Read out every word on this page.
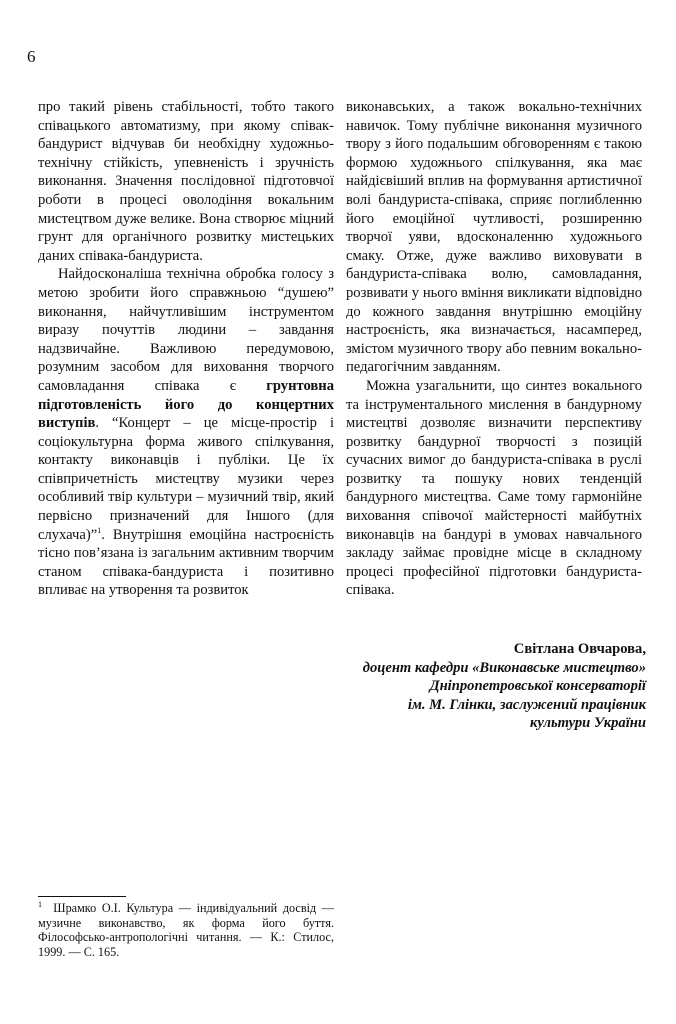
6

про такий рівень стабільності, тобто такого співацького автоматизму, при якому співак-бандурист відчував би необхідну художньо-технічну стійкість, упевненість і зручність виконання. Значення послідовної підготовчої роботи в процесі оволодіння вокальним мистецтвом дуже велике. Вона створює міцний грунт для органічного розвитку мистецьких даних співака-бандуриста.

Найдосконаліша технічна обробка голосу з метою зробити його справжньою “душею” виконання, найчутливішим інструментом виразу почуттів людини – завдання надзвичайне. Важливою передумовою, розумним засобом для виховання творчого самовладання співака є грунтовна підготовленість його до концертних виступів. “Концерт – це місце-простір і соціокультурна форма живого спілкування, контакту виконавців і публіки. Це їх співпричетність мистецтву музики через особливий твір культури – музичний твір, який первісно призначений для Іншого (для слухача)”$^1$. Внутрішня емоційна настроєність тісно пов’язана із загальним активним творчим станом співака-бандуриста і позитивно впливає на утворення та розвиток

виконавських, а також вокально-технічних навичок. Тому публічне виконання музичного твору з його подальшим обговоренням є такою формою художнього спілкування, яка має найдієвіший вплив на формування артистичної волі бандуриста-співака, сприяє поглибленню його емоційної чутливості, розширенню творчої уяви, вдосконаленню художнього смаку. Отже, дуже важливо виховувати в бандуриста-співака волю, самовладання, розвивати у нього вміння викликати відповідно до кожного завдання внутрішню емоційну настроєність, яка визначається, насамперед, змістом музичного твору або певним вокально-педагогічним завданням.

Можна узагальнити, що синтез вокального та інструментального мислення в бандурному мистецтві дозволяє визначити перспективу розвитку бандурної творчості з позицій сучасних вимог до бандуриста-співака в руслі розвитку та пошуку нових тенденцій бандурного мистецтва. Саме тому гармонійне виховання співочої майстерності майбутніх виконавців на бандурі в умовах навчального закладу займає провідне місце в складному процесі професійної підготовки бандуриста-співака.

Світлана Овчарова,
доцент кафедри «Виконавське мистецтво»
Дніпропетровської консерваторії
ім. М. Глінки, заслужений працівник
культури України
$^1$ Шрамко О.І. Культура — індивідуальний досвід — музичне виконавство, як форма його буття. Філософсько-антропологічні читання. — К.: Стилос, 1999. — С. 165.
